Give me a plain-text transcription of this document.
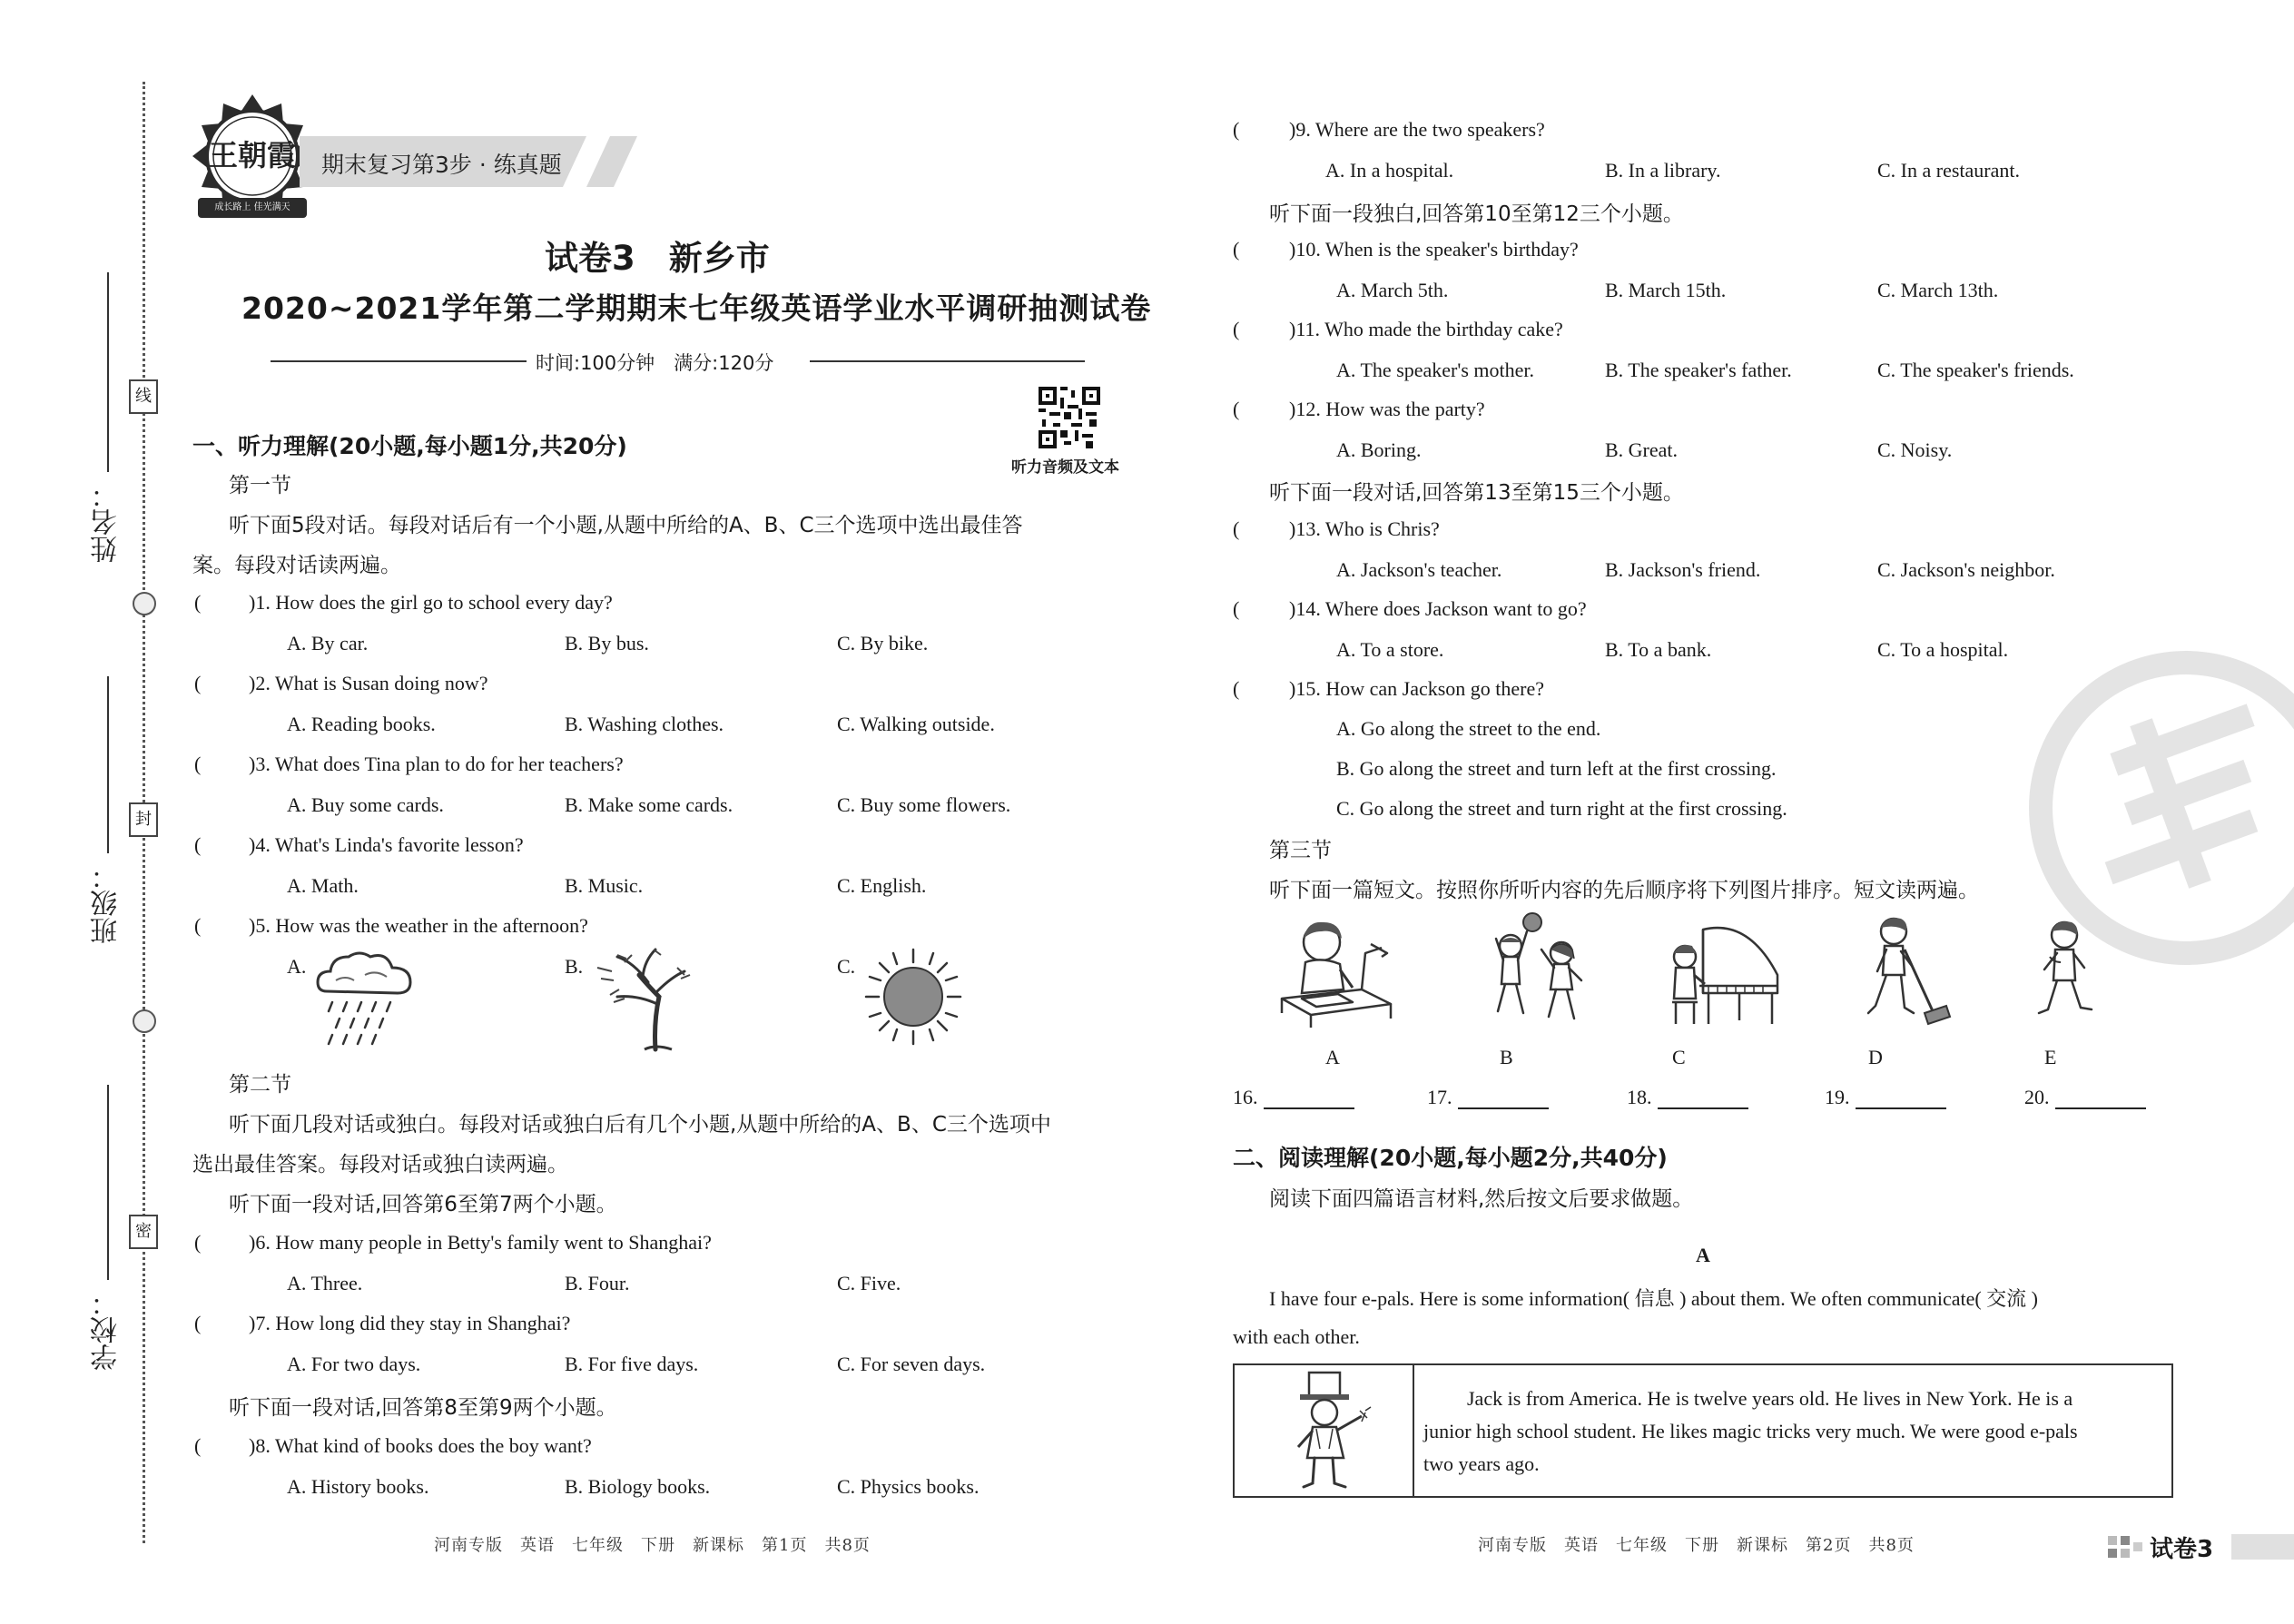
姓名：
线
班级：
封
学校：
密
王朝霞
成长路上 佳光满天
期末复习第3步 · 练真题
试卷3　新乡市
2020~2021学年第二学期期末七年级英语学业水平调研抽测试卷
时间:100分钟　满分:120分
听力音频及文本
一、听力理解(20小题,每小题1分,共20分)
第一节
听下面5段对话。每段对话后有一个小题,从题中所给的A、B、C三个选项中选出最佳答
案。每段对话读两遍。
( )1. How does the girl go to school every day?
A. By car.	B. By bus.	C. By bike.
( )2. What is Susan doing now?
A. Reading books.	B. Washing clothes.	C. Walking outside.
( )3. What does Tina plan to do for her teachers?
A. Buy some cards.	B. Make some cards.	C. Buy some flowers.
( )4. What's Linda's favorite lesson?
A. Math.	B. Music.	C. English.
( )5. How was the weather in the afternoon?
A.	B.	C.
第二节
听下面几段对话或独白。每段对话或独白后有几个小题,从题中所给的A、B、C三个选项中
选出最佳答案。每段对话或独白读两遍。
听下面一段对话,回答第6至第7两个小题。
( )6. How many people in Betty's family went to Shanghai?
A. Three.	B. Four.	C. Five.
( )7. How long did they stay in Shanghai?
A. For two days.	B. For five days.	C. For seven days.
听下面一段对话,回答第8至第9两个小题。
( )8. What kind of books does the boy want?
A. History books.	B. Biology books.	C. Physics books.
河南专版　英语　七年级　下册　新课标　第1页　共8页
( )9. Where are the two speakers?
A. In a hospital.	B. In a library.	C. In a restaurant.
听下面一段独白,回答第10至第12三个小题。
( )10. When is the speaker's birthday?
A. March 5th.	B. March 15th.	C. March 13th.
( )11. Who made the birthday cake?
A. The speaker's mother.	B. The speaker's father.	C. The speaker's friends.
( )12. How was the party?
A. Boring.	B. Great.	C. Noisy.
听下面一段对话,回答第13至第15三个小题。
( )13. Who is Chris?
A. Jackson's teacher.	B. Jackson's friend.	C. Jackson's neighbor.
( )14. Where does Jackson want to go?
A. To a store.	B. To a bank.	C. To a hospital.
( )15. How can Jackson go there?
A. Go along the street to the end.
B. Go along the street and turn left at the first crossing.
C. Go along the street and turn right at the first crossing.
第三节
听下面一篇短文。按照你所听内容的先后顺序将下列图片排序。短文读两遍。
A	B	C	D	E
16.	17.	18.	19.	20.
二、阅读理解(20小题,每小题2分,共40分)
阅读下面四篇语言材料,然后按文后要求做题。
A
I have four e-pals. Here is some information( 信息 ) about them. We often communicate( 交流 )
with each other.
Jack is from America. He is twelve years old. He lives in New York. He is a
junior high school student. He likes magic tricks very much. We were good e-pals
two years ago.
河南专版　英语　七年级　下册　新课标　第2页　共8页	试卷3
